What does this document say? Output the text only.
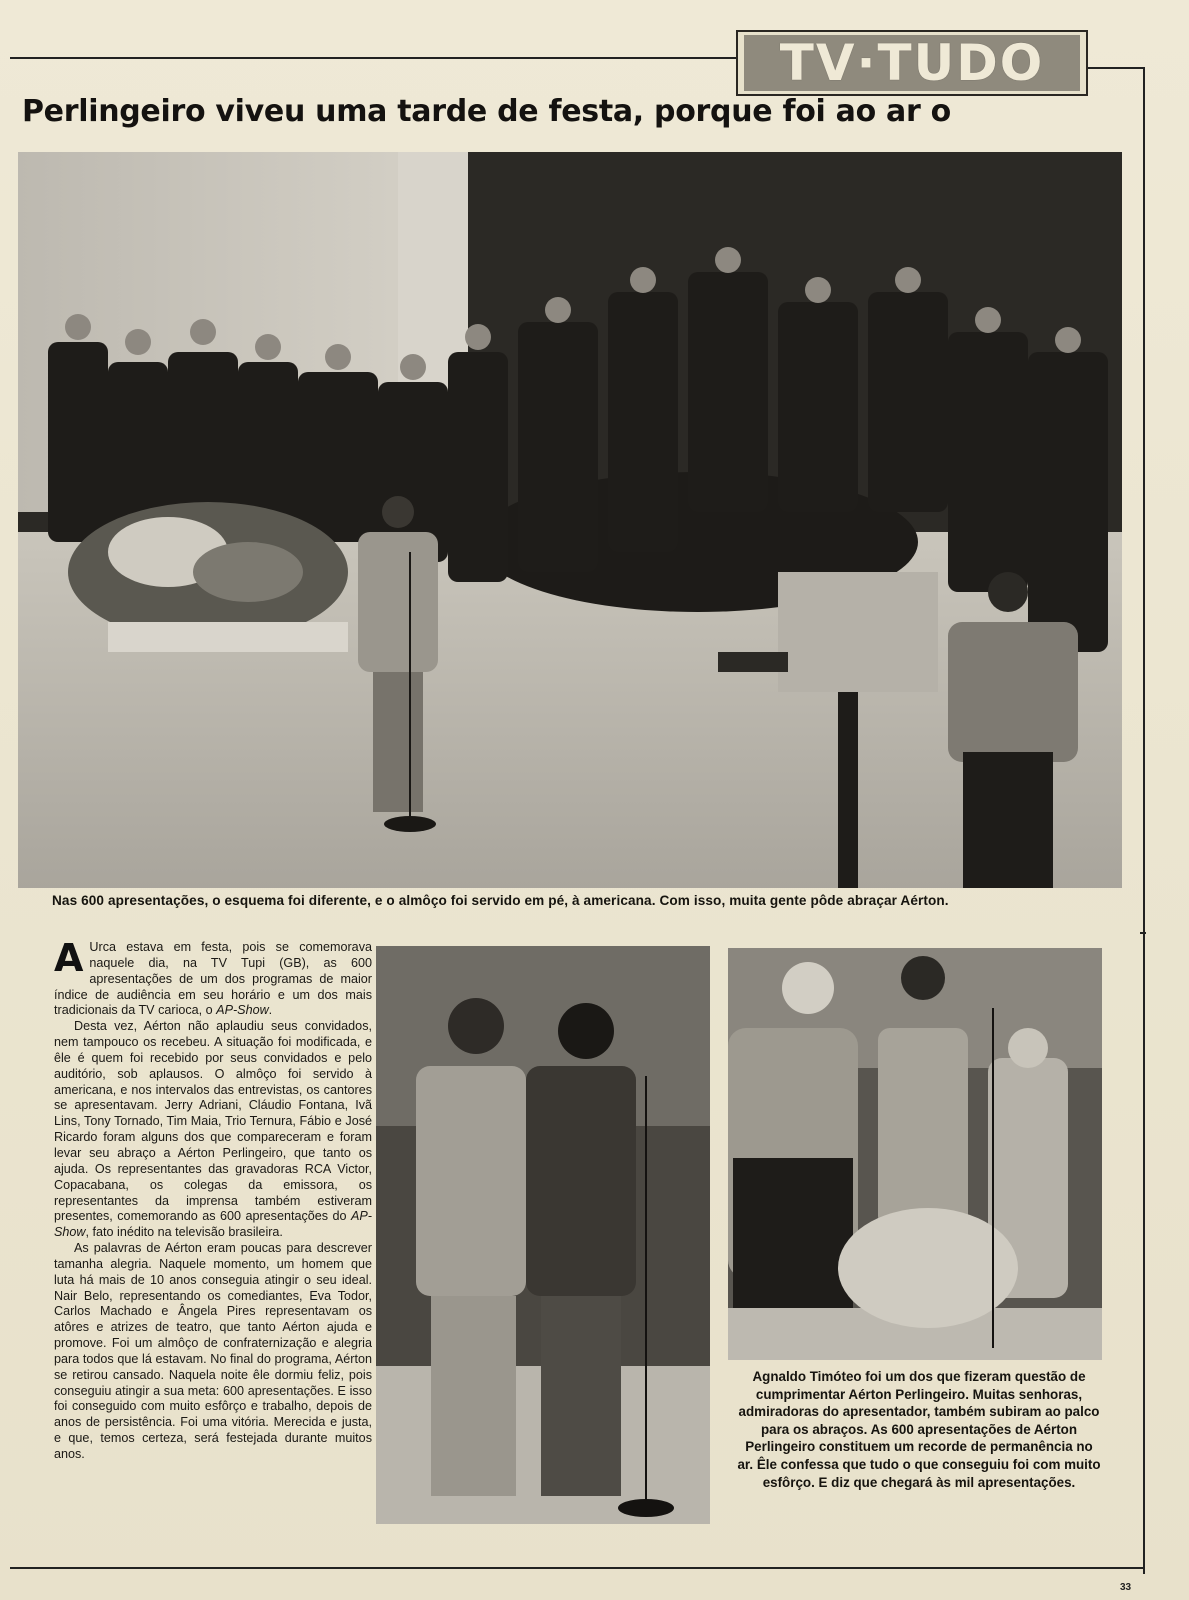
TV·TUDO
Perlingeiro viveu uma tarde de festa, porque foi ao ar o

Nas 600 apresentações, o esquema foi diferente, e o almôço foi servido em pé, à americana. Com isso, muita gente pôde abraçar Aérton.

A Urca estava em festa, pois se comemorava naquele dia, na TV Tupi (GB), as 600 apresentações de um dos programas de maior índice de audiência em seu horário e um dos mais tradicionais da TV carioca, o AP-Show.

Desta vez, Aérton não aplaudiu seus convidados, nem tampouco os recebeu. A situação foi modificada, e êle é quem foi recebido por seus convidados e pelo auditório, sob aplausos. O almôço foi servido à americana, e nos intervalos das entrevistas, os cantores se apresentavam. Jerry Adriani, Cláudio Fontana, Ivã Lins, Tony Tornado, Tim Maia, Trio Ternura, Fábio e José Ricardo foram alguns dos que compareceram e foram levar seu abraço a Aérton Perlingeiro, que tanto os ajuda. Os representantes das gravadoras RCA Victor, Copacabana, os colegas da emissora, os representantes da imprensa também estiveram presentes, comemorando as 600 apresentações do AP-Show, fato inédito na televisão brasileira.

As palavras de Aérton eram poucas para descrever tamanha alegria. Naquele momento, um homem que luta há mais de 10 anos conseguia atingir o seu ideal. Nair Belo, representando os comediantes, Eva Todor, Carlos Machado e Ângela Pires representavam os atôres e atrizes de teatro, que tanto Aérton ajuda e promove. Foi um almôço de confraternização e alegria para todos que lá estavam. No final do programa, Aérton se retirou cansado. Naquela noite êle dormiu feliz, pois conseguiu atingir a sua meta: 600 apresentações. E isso foi conseguido com muito esfôrço e trabalho, depois de anos de persistência. Foi uma vitória. Merecida e justa, e que, temos certeza, será festejada durante muitos anos.

Agnaldo Timóteo foi um dos que fizeram questão de cumprimentar Aérton Perlingeiro. Muitas senhoras, admiradoras do apresentador, também subiram ao palco para os abraços. As 600 apresentações de Aérton Perlingeiro constituem um recorde de permanência no ar. Êle confessa que tudo o que conseguiu foi com muito esfôrço. E diz que chegará às mil apresentações.

33
